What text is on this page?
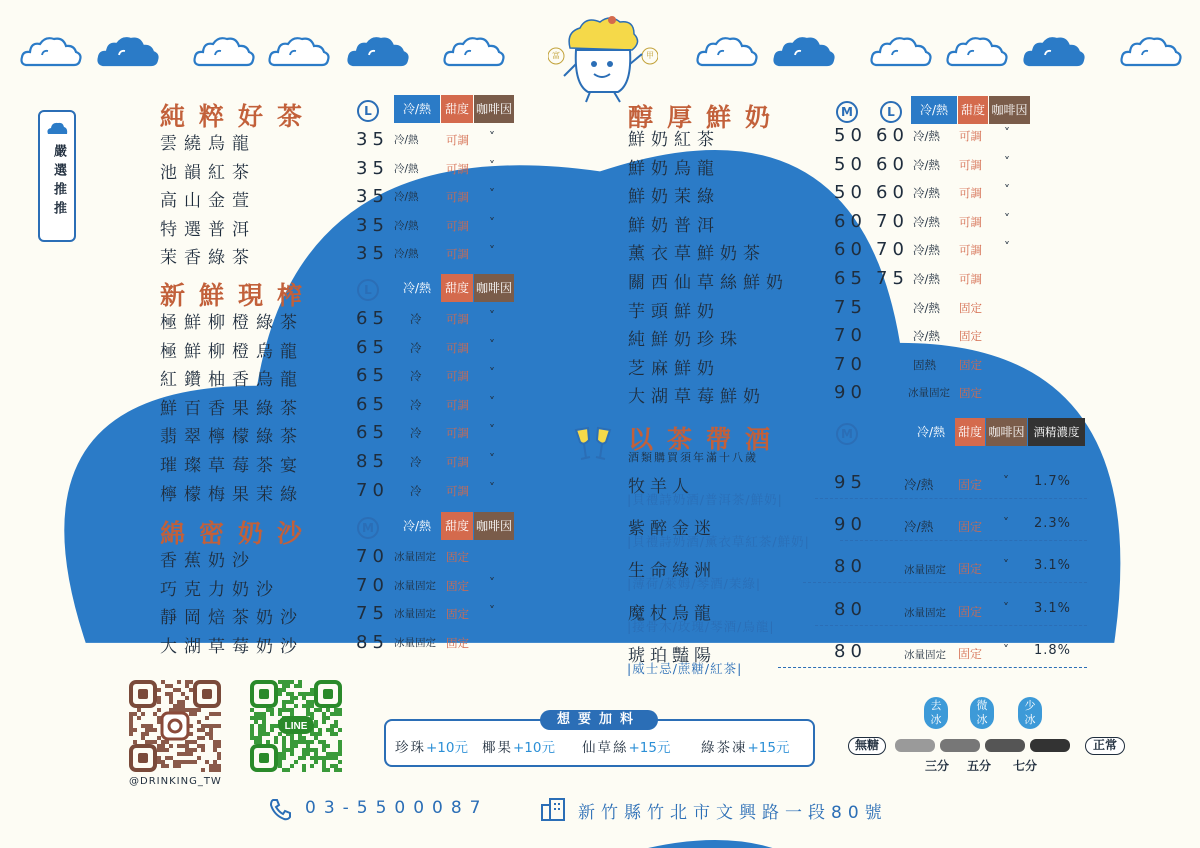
富	甲
嚴選推推
純粹好茶	L	冷/熱	甜度 咖啡因
雲繞烏龍	35 冷/熱 可調 ˅
池韻紅茶	35 冷/熱 可調 ˅
高山金萱	35 冷/熱 可調 ˅
特選普洱	35 冷/熱 可調 ˅
茉香綠茶	35 冷/熱 可調 ˅
新鮮現榨	L	冷/熱	甜度 咖啡因
極鮮柳橙綠茶	65 冷 可調 ˅
極鮮柳橙烏龍	65 冷 可調 ˅
紅鑽柚香烏龍	65 冷 可調 ˅
鮮百香果綠茶	65 冷 可調 ˅
翡翠檸檬綠茶	65 冷 可調 ˅
璀璨草莓茶宴	85 冷 可調 ˅
檸檬梅果茉綠	70 冷 可調 ˅
綿密奶沙	M	冷/熱	甜度 咖啡因
香蕉奶沙	70 冰量固定 固定
巧克力奶沙	70 冰量固定 固定 ˅
靜岡焙茶奶沙	75 冰量固定 固定 ˅
大湖草莓奶沙	85 冰量固定 固定
醇厚鮮奶	M	L	冷/熱	甜度 咖啡因
鮮奶紅茶	50 60 冷/熱 可調 ˅
鮮奶烏龍	50 60 冷/熱 可調 ˅
鮮奶茉綠	50 60 冷/熱 可調 ˅
鮮奶普洱	60 70 冷/熱 可調 ˅
薰衣草鮮奶茶	60 70 冷/熱 可調 ˅
關西仙草絲鮮奶	65 75 冷/熱 可調
芋頭鮮奶	75	冷/熱 固定
純鮮奶珍珠	70	冷/熱 固定
芝麻鮮奶	70	固熱 固定
大湖草莓鮮奶	90	冰量固定 固定
以茶帶酒	M	冷/熱	甜度 咖啡因 酒精濃度
酒類購買須年滿十八歲
牧羊人	95	冷/熱 固定 ˅ 1.7%
|貝禮詩奶酒/普洱茶/鮮奶|
紫醉金迷	90	冷/熱 固定 ˅ 2.3%
|貝禮詩奶酒/薰衣草紅茶/鮮奶|
生命綠洲	80	冰量固定 固定 ˅ 3.1%
|薄荷/萊姆/琴酒/茉綠|
魔杖烏龍	80	冰量固定 固定 ˅ 3.1%
|接骨木/玫瑰/琴酒/烏龍|
琥珀豔陽	80	冰量固定 固定 ˅ 1.8%
|威士忌/蔗糖/紅茶|
@DRINKING_TW
LINE	想要加料
珍珠+10元 椰果+10元 仙草絲+15元 綠茶凍+15元
去
冰
微
冰
少
冰
三分 五分 七分
無糖	正常
03-5500087	新竹縣竹北市文興路一段80號
